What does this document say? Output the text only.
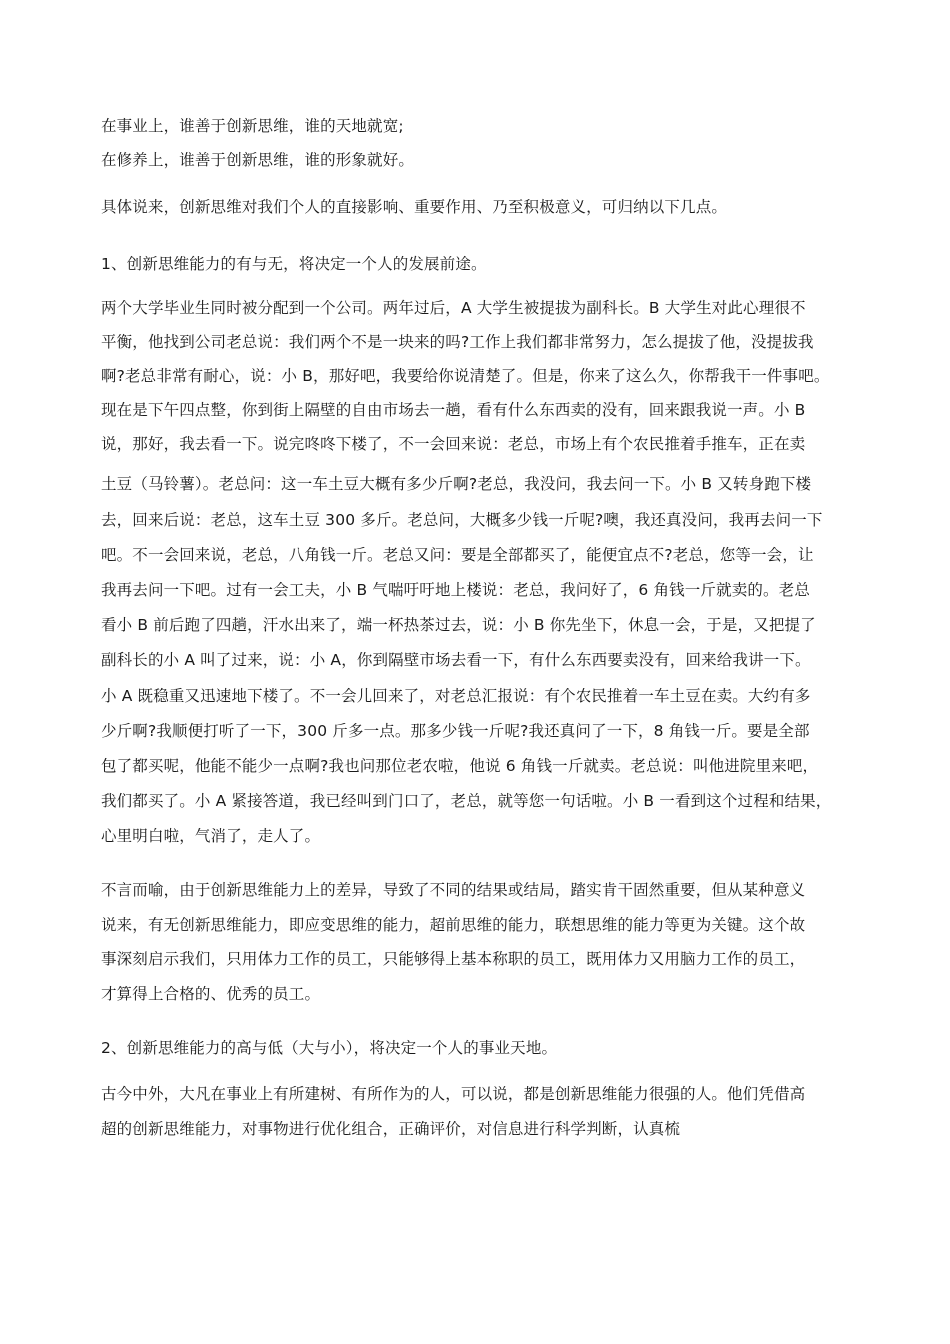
在事业上，谁善于创新思维，谁的天地就宽;
在修养上，谁善于创新思维，谁的形象就好。
具体说来，创新思维对我们个人的直接影响、重要作用、乃至积极意义，可归纳以下几点。
1、创新思维能力的有与无，将决定一个人的发展前途。
两个大学毕业生同时被分配到一个公司。两年过后，A 大学生被提拔为副科长。B 大学生对此心理很不
平衡，他找到公司老总说：我们两个不是一块来的吗?工作上我们都非常努力，怎么提拔了他，没提拔我
啊?老总非常有耐心，说：小 B，那好吧，我要给你说清楚了。但是，你来了这么久，你帮我干一件事吧。
现在是下午四点整，你到街上隔壁的自由市场去一趟，看有什么东西卖的没有，回来跟我说一声。小 B
说，那好，我去看一下。说完咚咚下楼了，不一会回来说：老总，市场上有个农民推着手推车，正在卖
土豆（马铃薯）。老总问：这一车土豆大概有多少斤啊?老总，我没问，我去问一下。小 B 又转身跑下楼
去，回来后说：老总，这车土豆 300 多斤。老总问，大概多少钱一斤呢?噢，我还真没问，我再去问一下
吧。不一会回来说，老总，八角钱一斤。老总又问：要是全部都买了，能便宜点不?老总，您等一会，让
我再去问一下吧。过有一会工夫，小 B 气喘吁吁地上楼说：老总，我问好了，6 角钱一斤就卖的。老总
看小 B 前后跑了四趟，汗水出来了，端一杯热茶过去，说：小 B 你先坐下，休息一会，于是，又把提了
副科长的小 A 叫了过来，说：小 A，你到隔壁市场去看一下，有什么东西要卖没有，回来给我讲一下。
小 A 既稳重又迅速地下楼了。不一会儿回来了，对老总汇报说：有个农民推着一车土豆在卖。大约有多
少斤啊?我顺便打听了一下，300 斤多一点。那多少钱一斤呢?我还真问了一下，8 角钱一斤。要是全部
包了都买呢，他能不能少一点啊?我也问那位老农啦，他说 6 角钱一斤就卖。老总说：叫他进院里来吧，
我们都买了。小 A 紧接答道，我已经叫到门口了，老总，就等您一句话啦。小 B 一看到这个过程和结果，
心里明白啦，气消了，走人了。
不言而喻，由于创新思维能力上的差异，导致了不同的结果或结局，踏实肯干固然重要，但从某种意义
说来，有无创新思维能力，即应变思维的能力，超前思维的能力，联想思维的能力等更为关键。这个故
事深刻启示我们，只用体力工作的员工，只能够得上基本称职的员工，既用体力又用脑力工作的员工，
才算得上合格的、优秀的员工。
2、创新思维能力的高与低（大与小），将决定一个人的事业天地。
古今中外，大凡在事业上有所建树、有所作为的人，可以说，都是创新思维能力很强的人。他们凭借高
超的创新思维能力，对事物进行优化组合，正确评价，对信息进行科学判断，认真梳
